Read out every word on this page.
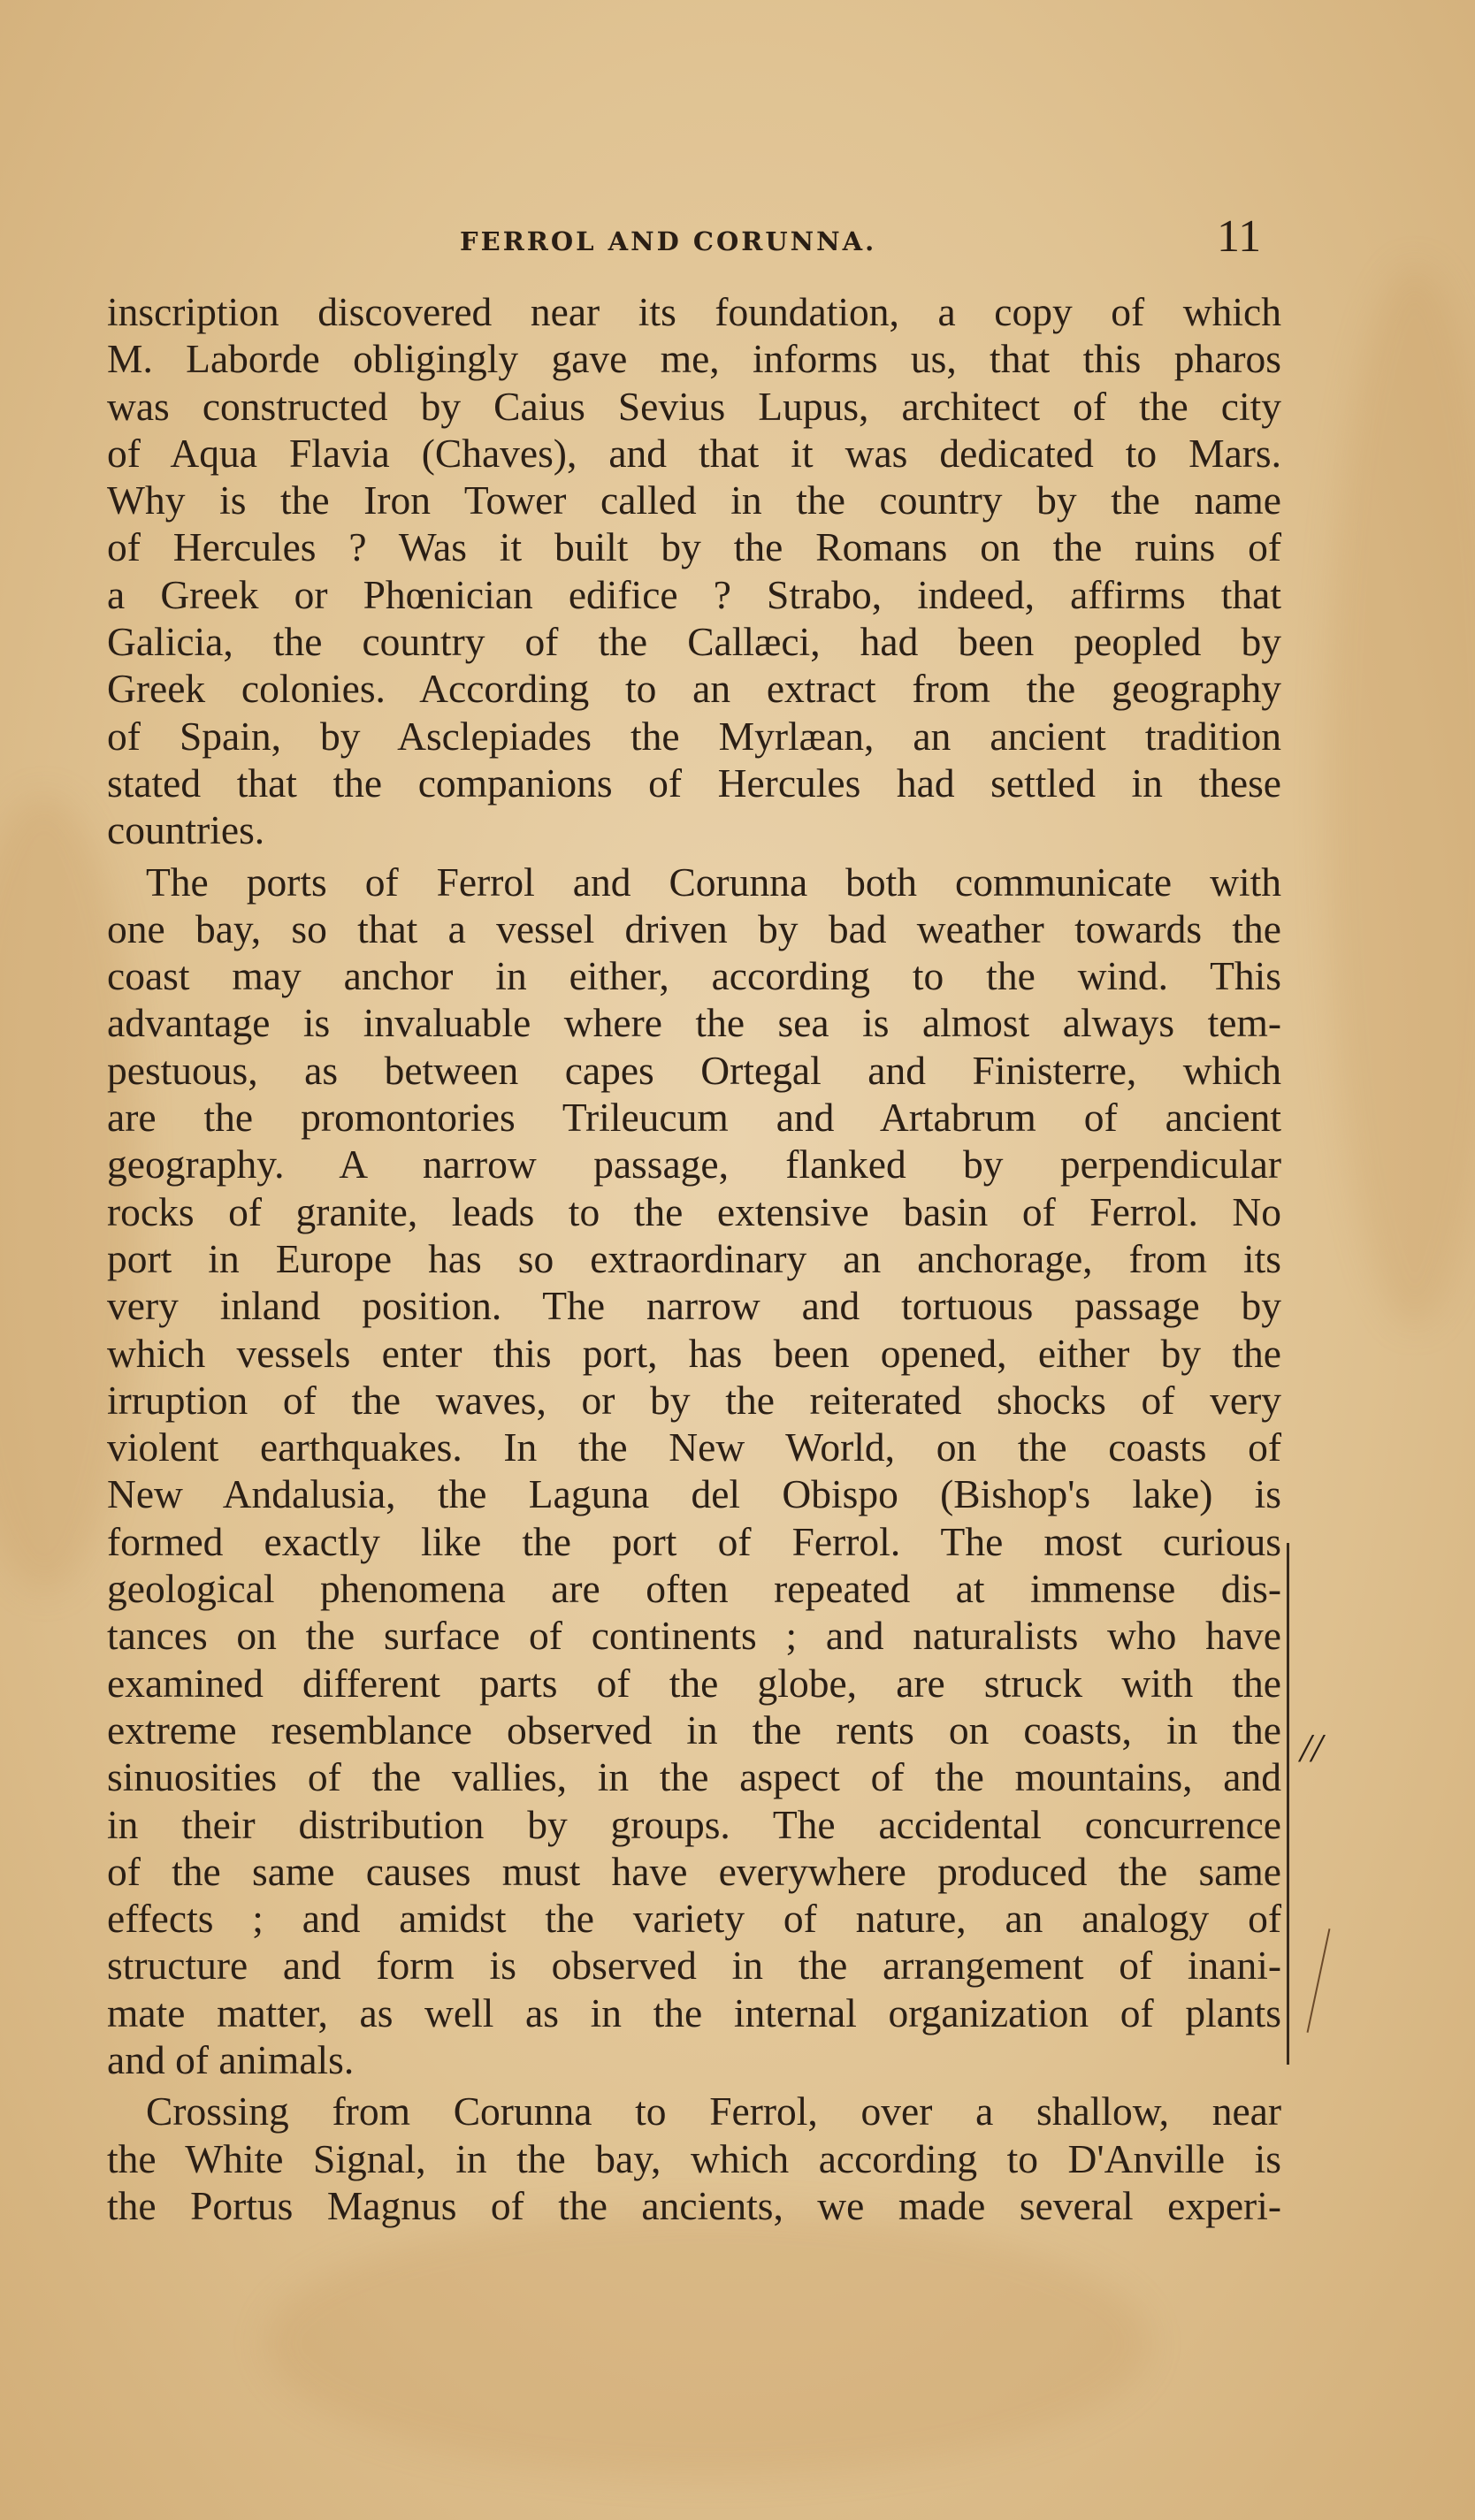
FERROL AND CORUNNA.	11

inscription discovered near its foundation, a copy of which
M. Laborde obligingly gave me, informs us, that this pharos
was constructed by Caius Sevius Lupus, architect of the city
of Aqua Flavia (Chaves), and that it was dedicated to Mars.
Why is the Iron Tower called in the country by the name
of Hercules ? Was it built by the Romans on the ruins of
a Greek or Phœnician edifice ? Strabo, indeed, affirms that
Galicia, the country of the Callæci, had been peopled by
Greek colonies. According to an extract from the geography
of Spain, by Asclepiades the Myrlæan, an ancient tradition
stated that the companions of Hercules had settled in these
countries.

The ports of Ferrol and Corunna both communicate with
one bay, so that a vessel driven by bad weather towards the
coast may anchor in either, according to the wind. This
advantage is invaluable where the sea is almost always tem-
pestuous, as between capes Ortegal and Finisterre, which
are the promontories Trileucum and Artabrum of ancient
geography. A narrow passage, flanked by perpendicular
rocks of granite, leads to the extensive basin of Ferrol. No
port in Europe has so extraordinary an anchorage, from its
very inland position. The narrow and tortuous passage by
which vessels enter this port, has been opened, either by the
irruption of the waves, or by the reiterated shocks of very
violent earthquakes. In the New World, on the coasts of
New Andalusia, the Laguna del Obispo (Bishop's lake) is
formed exactly like the port of Ferrol. The most curious
geological phenomena are often repeated at immense dis-
tances on the surface of continents ; and naturalists who have
examined different parts of the globe, are struck with the
extreme resemblance observed in the rents on coasts, in the
sinuosities of the vallies, in the aspect of the mountains, and
in their distribution by groups. The accidental concurrence
of the same causes must have everywhere produced the same
effects ; and amidst the variety of nature, an analogy of
structure and form is observed in the arrangement of inani-
mate matter, as well as in the internal organization of plants
and of animals.

Crossing from Corunna to Ferrol, over a shallow, near
the White Signal, in the bay, which according to D'Anville is
the Portus Magnus of the ancients, we made several experi-

//
